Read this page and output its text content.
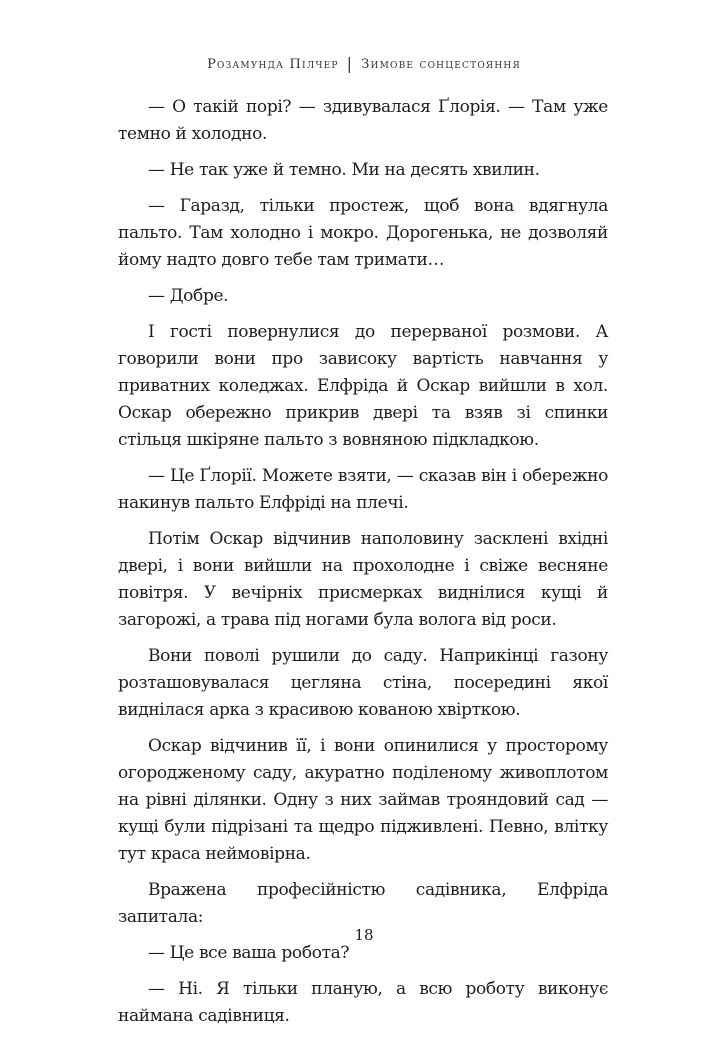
Розамунда Пілчер | Зимове сонцестояння

— О такій порі? — здивувалася Ґлорія. — Там уже темно й холодно.

— Не так уже й темно. Ми на десять хвилин.

— Гаразд, тільки простеж, щоб вона вдягнула пальто. Там холодно і мокро. Дорогенька, не дозволяй йому надто довго тебе там тримати…

— Добре.

І гості повернулися до перерваної розмови. А говорили вони про зависоку вартість навчання у приватних коледжах. Елфріда й Оскар вийшли в хол. Оскар обережно прикрив двері та взяв зі спинки стільця шкіряне пальто з вовняною підкладкою.

— Це Ґлорії. Можете взяти, — сказав він і обережно накинув пальто Елфріді на плечі.

Потім Оскар відчинив наполовину засклені вхідні двері, і вони вийшли на прохолодне і свіже весняне повітря. У вечірніх присмерках виднілися кущі й загорожі, а трава під ногами була волога від роси.

Вони поволі рушили до саду. Наприкінці газону розташовувалася цегляна стіна, посередині якої виднілася арка з красивою кованою хвірткою.

Оскар відчинив її, і вони опинилися у просторому огородженому саду, акуратно поділеному живоплотом на рівні ділянки. Одну з них займав трояндовий сад — кущі були підрізані та щедро підживлені. Певно, влітку тут краса неймовірна.

Вражена професійністю садівника, Елфріда запитала:

— Це все ваша робота?

— Ні. Я тільки планую, а всю роботу виконує наймана садівниця.

18
